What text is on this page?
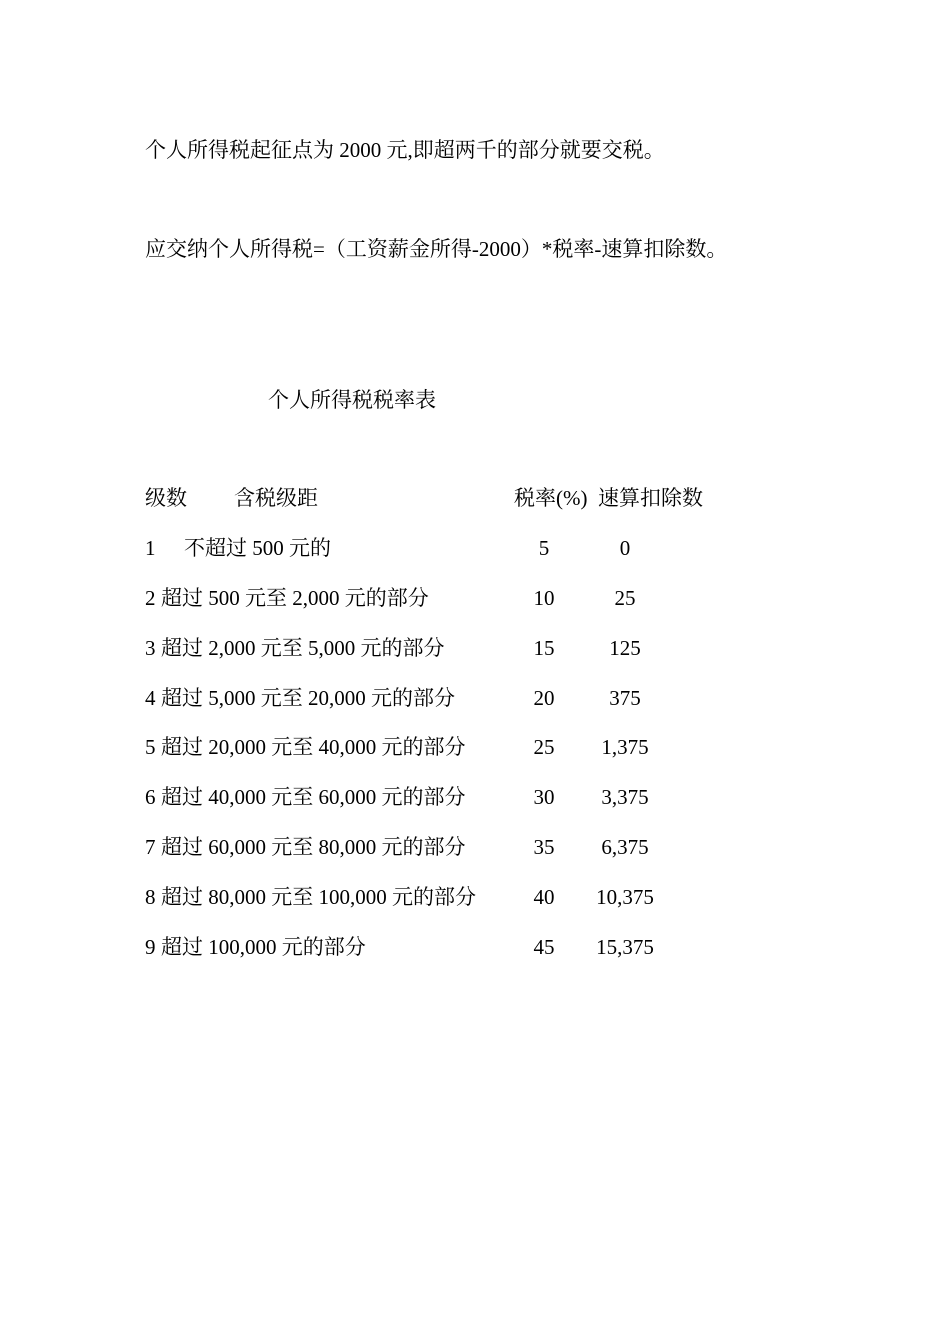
个人所得税起征点为 2000 元,即超两千的部分就要交税。
应交纳个人所得税=（工资薪金所得-2000）*税率-速算扣除数。
个人所得税税率表
级数 含税级距	税率(%) 速算扣除数
1 不超过 500 元的	5	0
2 超过 500 元至 2,000 元的部分	10	25
3 超过 2,000 元至 5,000 元的部分	15	125
4 超过 5,000 元至 20,000 元的部分	20	375
5 超过 20,000 元至 40,000 元的部分	25	1,375
6 超过 40,000 元至 60,000 元的部分	30	3,375
7 超过 60,000 元至 80,000 元的部分	35	6,375
8 超过 80,000 元至 100,000 元的部分	40	10,375
9 超过 100,000 元的部分	45	15,375
